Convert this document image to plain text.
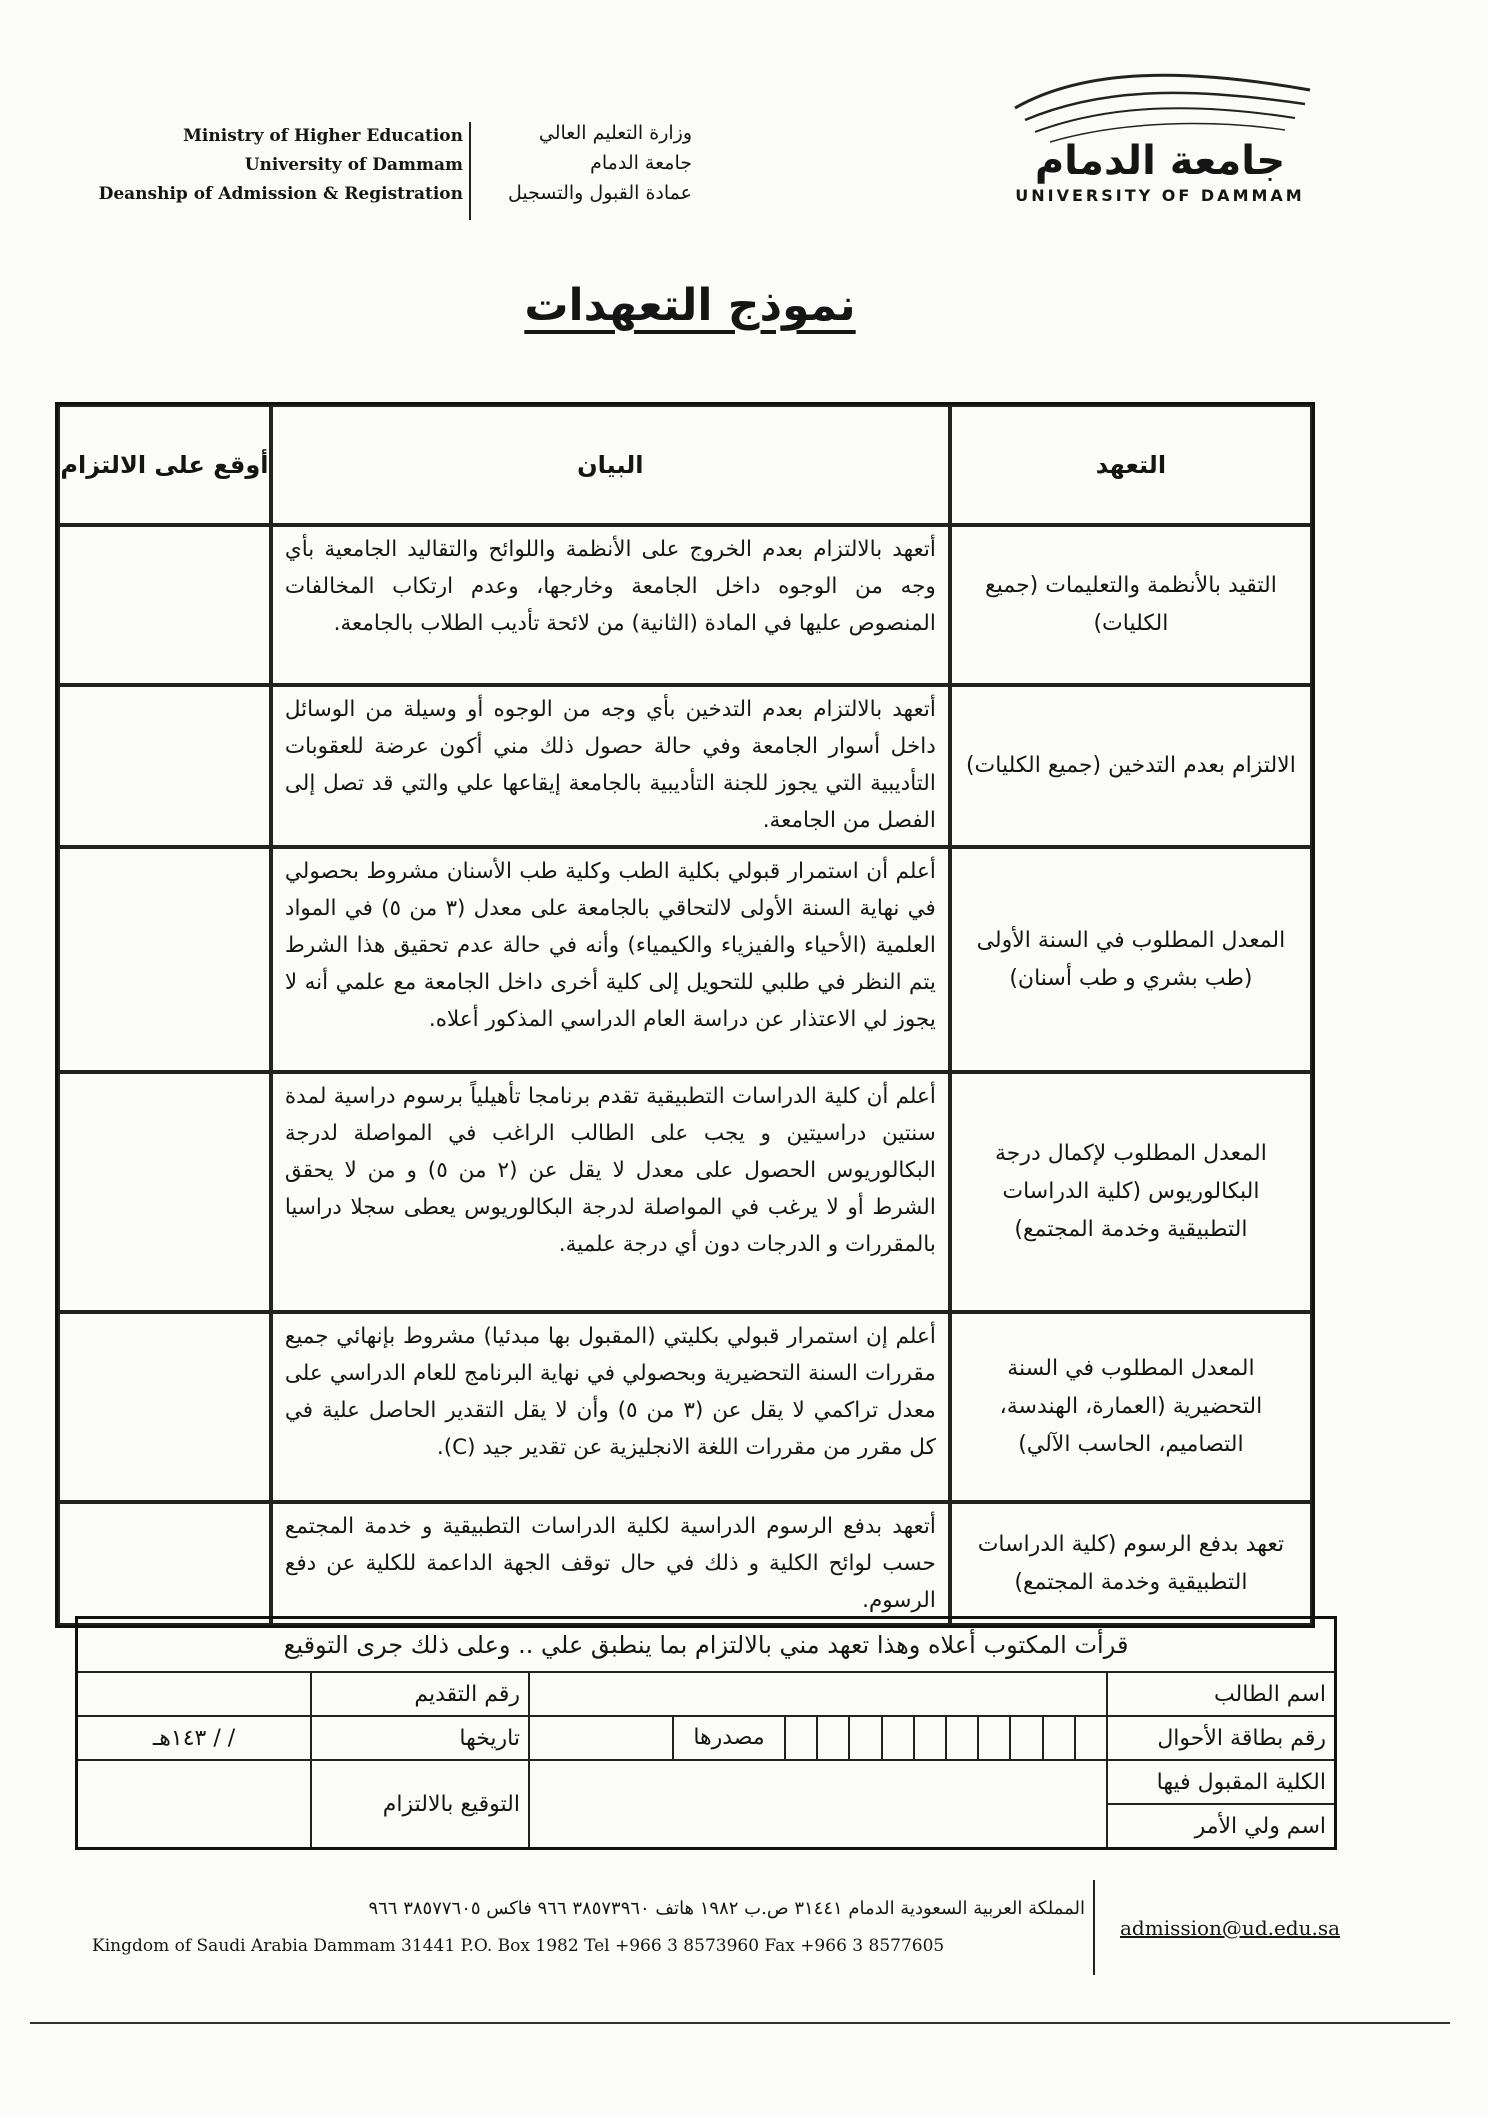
Ministry of Higher Education
University of Dammam
Deanship of Admission & Registration
وزارة التعليم العالي
جامعة الدمام
عمادة القبول والتسجيل
جامعة الدمام
UNIVERSITY OF DAMMAM
نموذج التعهدات
التعهد	البيان	أوقع على الالتزام
التقيد بالأنظمة والتعليمات (جميع الكليات)	أتعهد بالالتزام بعدم الخروج على الأنظمة واللوائح والتقاليد الجامعية بأي وجه من الوجوه داخل الجامعة وخارجها، وعدم ارتكاب المخالفات المنصوص عليها في المادة (الثانية) من لائحة تأديب الطلاب بالجامعة.	
الالتزام بعدم التدخين (جميع الكليات)	أتعهد بالالتزام بعدم التدخين بأي وجه من الوجوه أو وسيلة من الوسائل داخل أسوار الجامعة وفي حالة حصول ذلك مني أكون عرضة للعقوبات التأديبية التي يجوز للجنة التأديبية بالجامعة إيقاعها علي والتي قد تصل إلى الفصل من الجامعة.	
المعدل المطلوب في السنة الأولى (طب بشري و طب أسنان)	أعلم أن استمرار قبولي بكلية الطب وكلية طب الأسنان مشروط بحصولي في نهاية السنة الأولى لالتحاقي بالجامعة على معدل (٣ من ٥) في المواد العلمية (الأحياء والفيزياء والكيمياء) وأنه في حالة عدم تحقيق هذا الشرط يتم النظر في طلبي للتحويل إلى كلية أخرى داخل الجامعة مع علمي أنه لا يجوز لي الاعتذار عن دراسة العام الدراسي المذكور أعلاه.	
المعدل المطلوب لإكمال درجة البكالوريوس (كلية الدراسات التطبيقية وخدمة المجتمع)	أعلم أن كلية الدراسات التطبيقية تقدم برنامجا تأهيلياً برسوم دراسية لمدة سنتين دراسيتين و يجب على الطالب الراغب في المواصلة لدرجة البكالوريوس الحصول على معدل لا يقل عن (٢ من ٥) و من لا يحقق الشرط أو لا يرغب في المواصلة لدرجة البكالوريوس يعطى سجلا دراسيا بالمقررات و الدرجات دون أي درجة علمية.	
المعدل المطلوب في السنة التحضيرية (العمارة، الهندسة، التصاميم، الحاسب الآلي)	أعلم إن استمرار قبولي بكليتي (المقبول بها مبدئيا) مشروط بإنهائي جميع مقررات السنة التحضيرية وبحصولي في نهاية البرنامج للعام الدراسي على معدل تراكمي لا يقل عن (٣ من ٥) وأن لا يقل التقدير الحاصل علية في كل مقرر من مقررات اللغة الانجليزية عن تقدير جيد (C).	
تعهد بدفع الرسوم (كلية الدراسات التطبيقية وخدمة المجتمع)	أتعهد بدفع الرسوم الدراسية لكلية الدراسات التطبيقية و خدمة المجتمع حسب لوائح الكلية و ذلك في حال توقف الجهة الداعمة للكلية عن دفع الرسوم.	
قرأت المكتوب أعلاه وهذا تعهد مني بالالتزام بما ينطبق علي .. وعلى ذلك جرى التوقيع			
اسم الطالب		رقم التقديم	
رقم بطاقة الأحوال	مصدرها	تاريخها	/ / ١٤٣هـ
الكلية المقبول فيها		التوقيع بالالتزام	
اسم ولي الأمر			
المملكة العربية السعودية الدمام ٣١٤٤١ ص.ب ١٩٨٢ هاتف ٣٨٥٧٣٩٦٠ ٩٦٦ فاكس ٣٨٥٧٧٦٠٥ ٩٦٦
Kingdom of Saudi Arabia Dammam 31441 P.O. Box 1982 Tel +966 3 8573960 Fax +966 3 8577605
admission@ud.edu.sa
